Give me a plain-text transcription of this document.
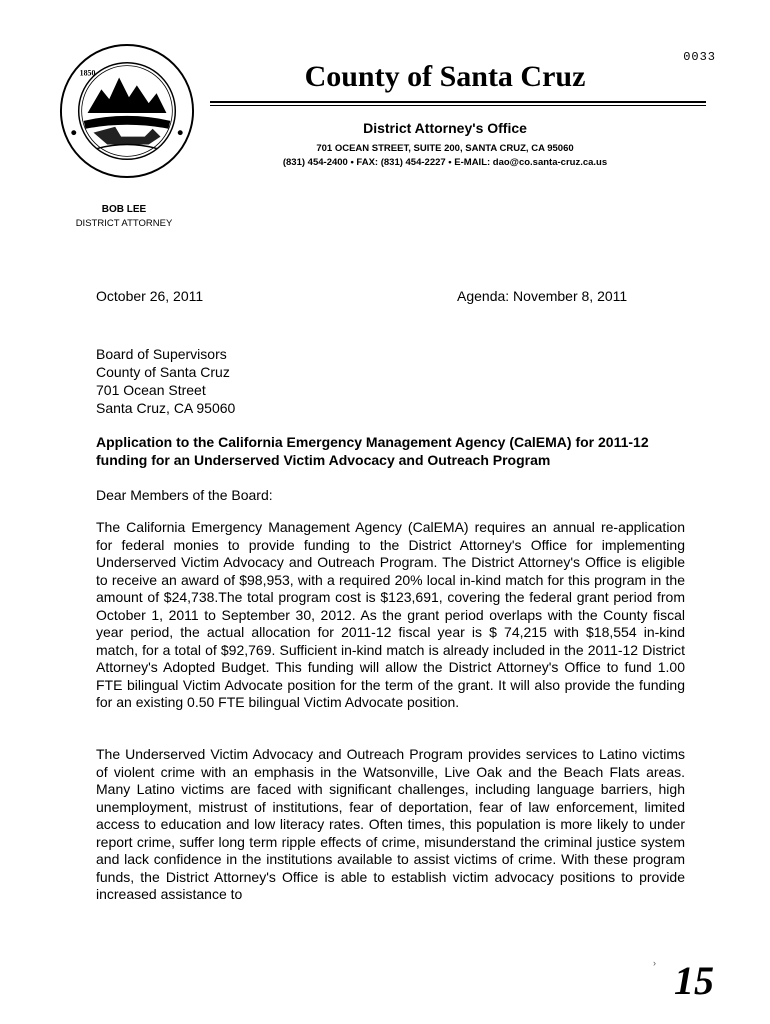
1850
0033
County of Santa Cruz
District Attorney's Office
701 OCEAN STREET, SUITE 200, SANTA CRUZ, CA 95060
(831) 454-2400 • FAX: (831) 454-2227 • E-MAIL: dao@co.santa-cruz.ca.us
BOB LEE
DISTRICT ATTORNEY
October 26, 2011	Agenda: November 8, 2011
Board of Supervisors
County of Santa Cruz
701 Ocean Street
Santa Cruz, CA 95060
Application to the California Emergency Management Agency (CalEMA) for 2011-12 funding for an Underserved Victim Advocacy and Outreach Program
Dear Members of the Board:
The California Emergency Management Agency (CalEMA) requires an annual re-application for federal monies to provide funding to the District Attorney's Office for implementing Underserved Victim Advocacy and Outreach Program. The District Attorney's Office is eligible to receive an award of $98,953, with a required 20% local in-kind match for this program in the amount of $24,738.The total program cost is $123,691, covering the federal grant period from October 1, 2011 to September 30, 2012. As the grant period overlaps with the County fiscal year period, the actual allocation for 2011-12 fiscal year is $ 74,215 with $18,554 in-kind match, for a total of $92,769. Sufficient in-kind match is already included in the 2011-12 District Attorney's Adopted Budget. This funding will allow the District Attorney's Office to fund 1.00 FTE bilingual Victim Advocate position for the term of the grant. It will also provide the funding for an existing 0.50 FTE bilingual Victim Advocate position.
The Underserved Victim Advocacy and Outreach Program provides services to Latino victims of violent crime with an emphasis in the Watsonville, Live Oak and the Beach Flats areas. Many Latino victims are faced with significant challenges, including language barriers, high unemployment, mistrust of institutions, fear of deportation, fear of law enforcement, limited access to education and low literacy rates. Often times, this population is more likely to under report crime, suffer long term ripple effects of crime, misunderstand the criminal justice system and lack confidence in the institutions available to assist victims of crime. With these program funds, the District Attorney's Office is able to establish victim advocacy positions to provide increased assistance to
› 15
